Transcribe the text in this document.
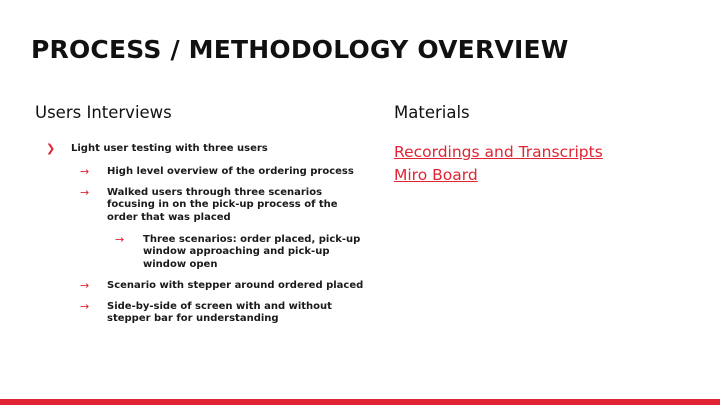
PROCESS / METHODOLOGY OVERVIEW
Users Interviews	Materials
❯ Light user testing with three users
→ High level overview of the ordering process
→ Walked users through three scenarios focusing in on the pick-up process of the order that was placed
→ Three scenarios: order placed, pick-up window approaching and pick-up window open
→ Scenario with stepper around ordered placed
→ Side-by-side of screen with and without stepper bar for understanding
Recordings and Transcripts
Miro Board
